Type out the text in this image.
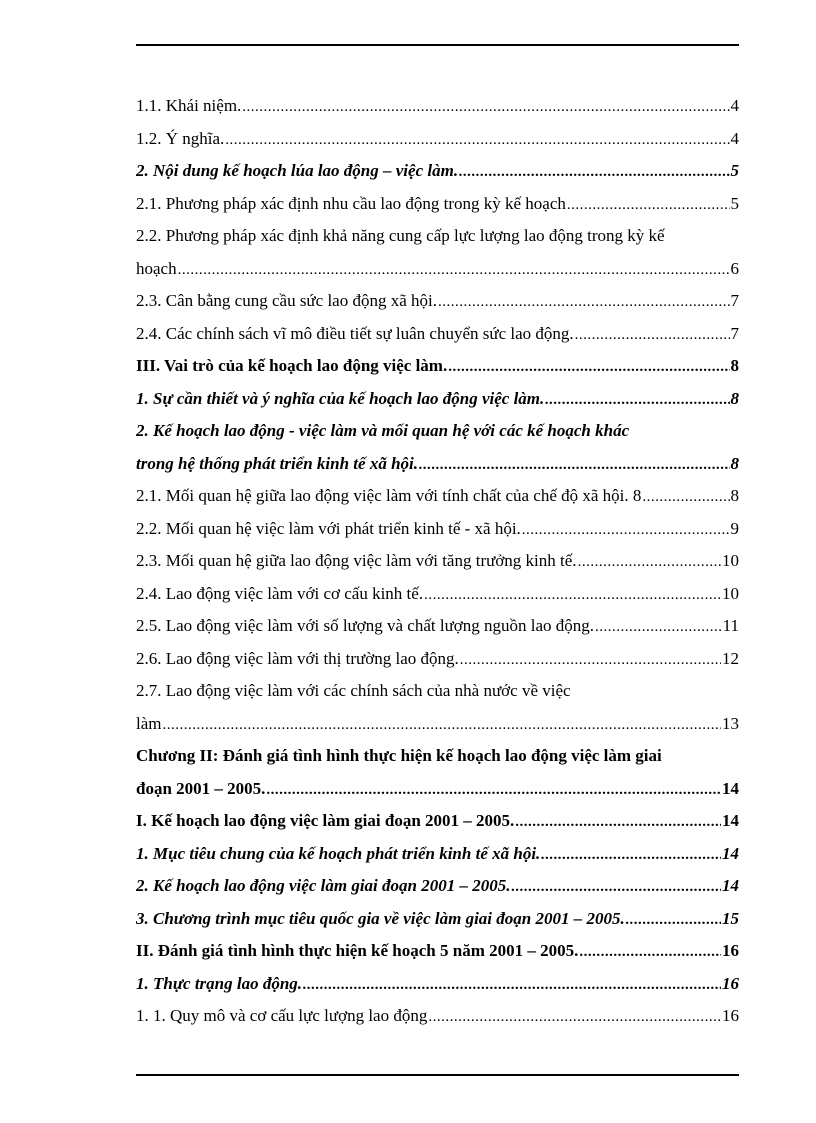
1.1. Khái niệm. .....	4
1.2. Ý nghĩa. .....	4
2. Nội dung kế hoạch lúa lao động – việc làm. .....	5
2.1. Phương pháp xác định nhu cầu lao động trong kỳ kế hoạch .....	5
2.2. Phương pháp xác định khả năng cung cấp lực lượng lao động trong kỳ kế
hoạch .....	6
2.3. Cân bằng cung cầu sức lao động xã hội. .....	7
2.4. Các chính sách vĩ mô điều tiết sự luân chuyển sức lao động. .....	7
III. Vai trò của kế hoạch lao động việc làm. .....	8
1. Sự cần thiết và ý nghĩa của kế hoạch lao động việc làm. .....	8
2. Kế hoạch lao động - việc làm và mối quan hệ với các kế hoạch khác
trong hệ thống phát triển kinh tế xã hội. .....	8
2.1. Mối quan hệ giữa lao động việc làm với tính chất của chế độ xã hội. 8 .....	8
2.2. Mối quan hệ việc làm với phát triển kinh tế - xã hội. .....	9
2.3. Mối quan hệ giữa lao động việc làm với tăng trưởng kinh tế. .....	10
2.4. Lao động việc làm với cơ cấu kinh tế. .....	10
2.5. Lao động việc làm với số lượng và chất lượng nguồn lao động. .....	11
2.6. Lao động việc làm với thị trường lao động. .....	12
2.7. Lao động việc làm với các chính sách của nhà nước về việc
làm .....	13
Chương II: Đánh giá tình hình thực hiện kế hoạch lao động việc làm giai
đoạn 2001 – 2005. .....	14
I. Kế hoạch lao động việc làm giai đoạn 2001 – 2005. .....	14
1. Mục tiêu chung của kế hoạch phát triển kinh tế xã hội. .....	14
2. Kế hoạch lao động việc làm giai đoạn 2001 – 2005. .....	14
3. Chương trình mục tiêu quốc gia về việc làm giai đoạn 2001 – 2005. .....	15
II. Đánh giá tình hình thực hiện kế hoạch 5 năm 2001 – 2005. .....	16
1. Thực trạng lao động. .....	16
1. 1. Quy mô và cơ cấu lực lượng lao động .....	16
